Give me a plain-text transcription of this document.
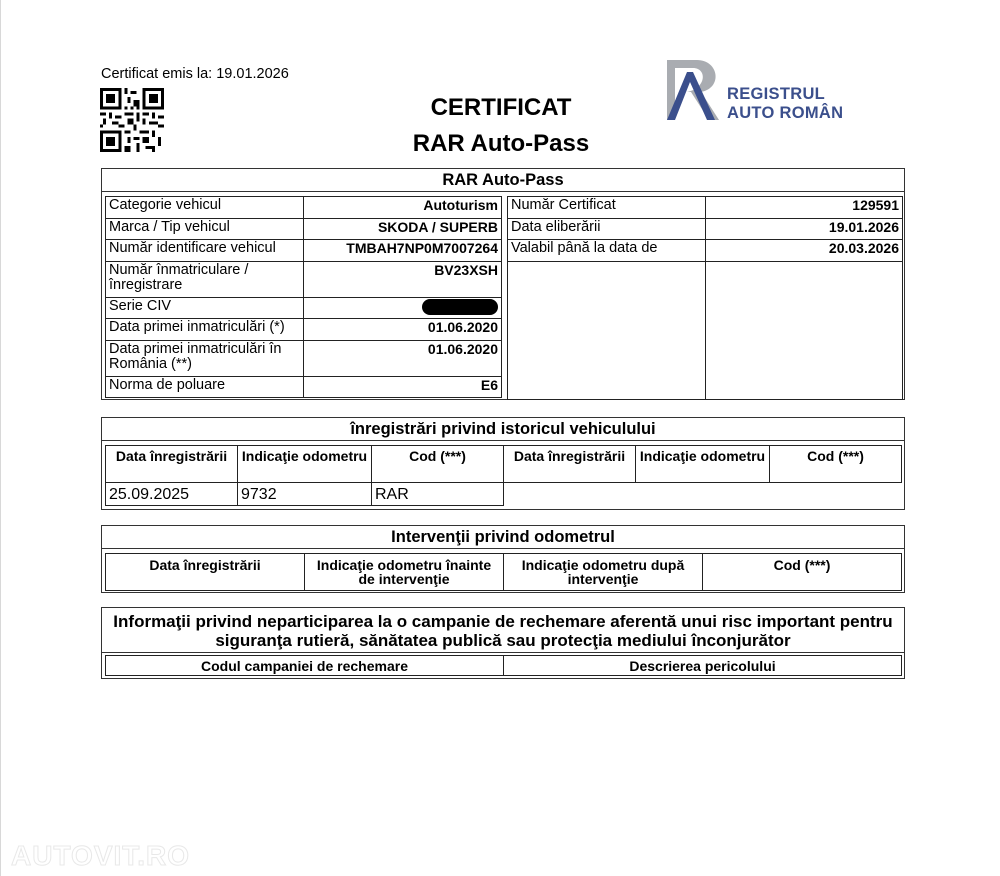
Certificat emis la: 19.01.2026
CERTIFICAT
RAR Auto-Pass
REGISTRUL
AUTO ROMÂN
RAR Auto-Pass
Categorie vehicul	Autoturism
Marca / Tip vehicul	SKODA / SUPERB
Număr identificare vehicul	TMBAH7NP0M7007264
Număr înmatriculare / înregistrare	BV23XSH
Serie CIV	
Data primei inmatriculări (*)	01.06.2020
Data primei inmatriculări în România (**)	01.06.2020
Norma de poluare	E6
Număr Certificat	129591
Data eliberării	19.01.2026
Valabil până la data de	20.03.2026

înregistrări privind istoricul vehiculului
Data înregistrării	Indicaţie odometru	Cod (***)	Data înregistrării	Indicaţie odometru	Cod (***)
25.09.2025	9732	RAR			
Intervenţii privind odometrul
Data înregistrării	Indicaţie odometru înainte de intervenţie	Indicaţie odometru după intervenţie	Cod (***)
Informaţii privind neparticiparea la o campanie de rechemare aferentă unui risc important pentru siguranţa rutieră, sănătatea publică sau protecţia mediului înconjurător
Codul campaniei de rechemare	Descrierea pericolului
AUTOVIT.RO
